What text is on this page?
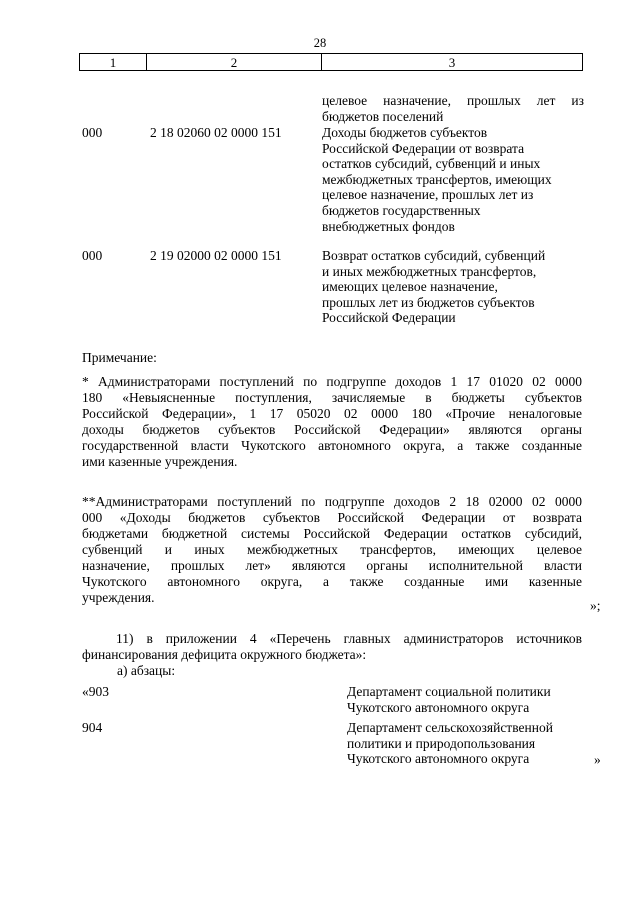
28
1	2	3
целевое назначение, прошлых лет из
бюджетов поселений
000	2 18 02060 02 0000 151	Доходы бюджетов субъектов
Российской Федерации от возврата
остатков субсидий, субвенций и иных
межбюджетных трансфертов, имеющих
целевое назначение, прошлых лет из
бюджетов государственных
внебюджетных фондов
000	2 19 02000 02 0000 151	Возврат остатков субсидий, субвенций
и иных межбюджетных трансфертов,
имеющих целевое назначение,
прошлых лет из бюджетов субъектов
Российской Федерации
Примечание:
* Администраторами поступлений по подгруппе доходов 1 17 01020 02 0000
180 «Невыясненные поступления, зачисляемые в бюджеты субъектов
Российской Федерации», 1 17 05020 02 0000 180 «Прочие неналоговые
доходы бюджетов субъектов Российской Федерации» являются органы
государственной власти Чукотского автономного округа, а также созданные
ими казенные учреждения.
**Администраторами поступлений по подгруппе доходов 2 18 02000 02 0000
000 «Доходы бюджетов субъектов Российской Федерации от возврата
бюджетами бюджетной системы Российской Федерации остатков субсидий,
субвенций и иных межбюджетных трансфертов, имеющих целевое
назначение, прошлых лет» являются органы исполнительной власти
Чукотского автономного округа, а также созданные ими казенные
учреждения.
»;
11) в приложении 4 «Перечень главных администраторов источников
финансирования дефицита окружного бюджета»:
а) абзацы:
«903	Департамент социальной политики
Чукотского автономного округа
904	Департамент сельскохозяйственной
политики и природопользования
Чукотского автономного округа	»
